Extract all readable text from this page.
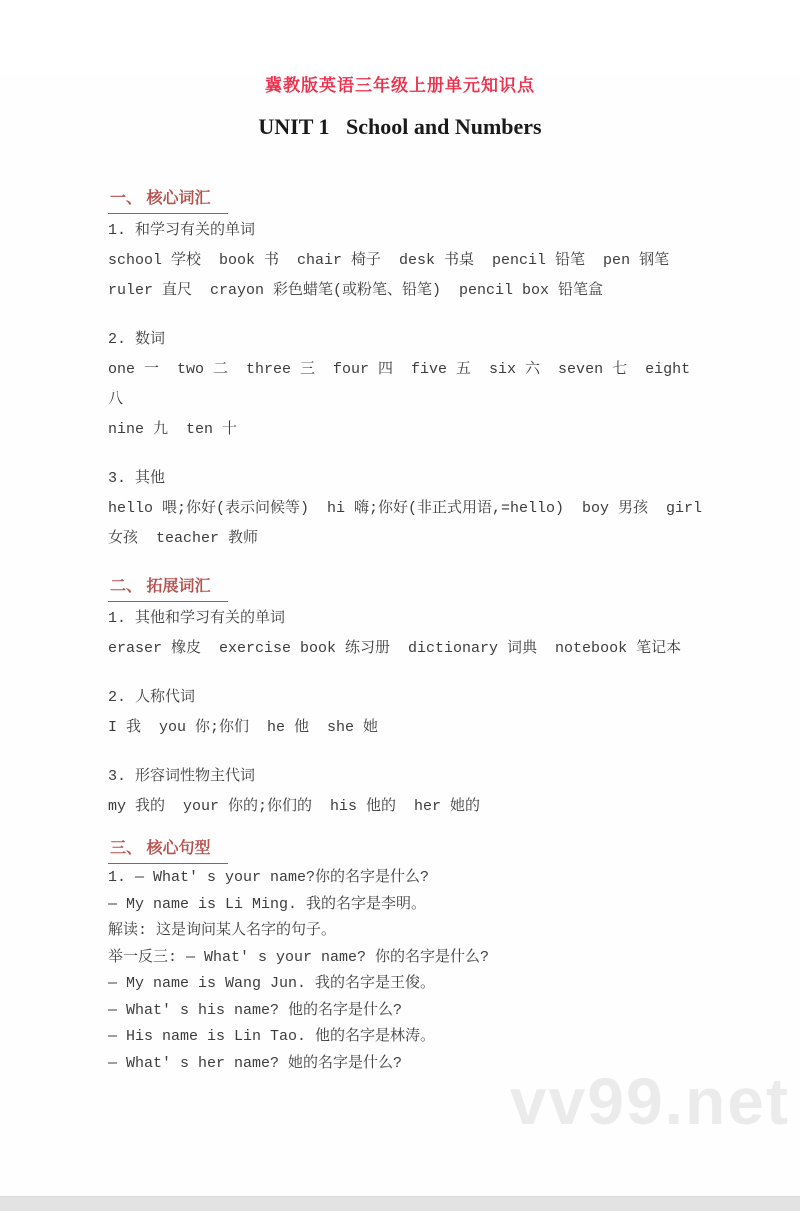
冀教版英语三年级上册单元知识点
UNIT 1   School and Numbers
一、 核心词汇
1. 和学习有关的单词
school 学校  book 书  chair 椅子  desk 书桌  pencil 铅笔  pen 钢笔
ruler 直尺  crayon 彩色蜡笔(或粉笔、铅笔)  pencil box 铅笔盒
2. 数词
one 一  two 二  three 三  four 四  five 五  six 六  seven 七  eight 八
nine 九  ten 十
3. 其他
hello 喂;你好(表示问候等)  hi 嗨;你好(非正式用语,=hello)  boy 男孩  girl
女孩  teacher 教师
二、 拓展词汇
1. 其他和学习有关的单词
eraser 橡皮  exercise book 练习册  dictionary 词典  notebook 笔记本
2. 人称代词
I 我  you 你;你们  he 他  she 她
3. 形容词性物主代词
my 我的  your 你的;你们的  his 他的  her 她的
三、 核心句型
1. — What' s your name?你的名字是什么?
— My name is Li Ming. 我的名字是李明。
解读: 这是询问某人名字的句子。
举一反三: — What' s your name? 你的名字是什么?
— My name is Wang Jun. 我的名字是王俊。
— What' s his name? 他的名字是什么?
— His name is Lin Tao. 他的名字是林涛。
— What' s her name? 她的名字是什么?
vv99.net
